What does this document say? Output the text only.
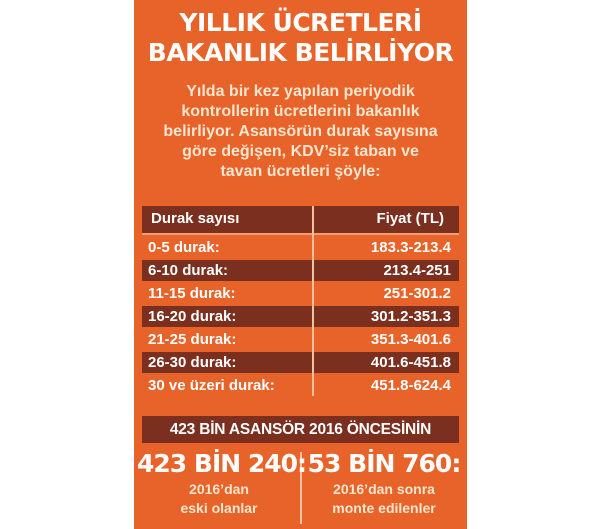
YILLIK ÜCRETLERİ
BAKANLIK BELİRLİYOR
Yılda bir kez yapılan periyodik
kontrollerin ücretlerini bakanlık
belirliyor. Asansörün durak sayısına
göre değişen, KDV’siz taban ve
tavan ücretleri şöyle:
Durak sayısı	Fiyat (TL)
0-5 durak:	183.3-213.4
6-10 durak:	213.4-251
11-15 durak:	251-301.2
16-20 durak:	301.2-351.3
21-25 durak:	351.3-401.6
26-30 durak:	401.6-451.8
30 ve üzeri durak:	451.8-624.4
423 BİN ASANSÖR 2016 ÖNCESİNİN
423 BİN 240:
2016’dan
eski olanlar
53 BİN 760:
2016’dan sonra
monte edilenler
